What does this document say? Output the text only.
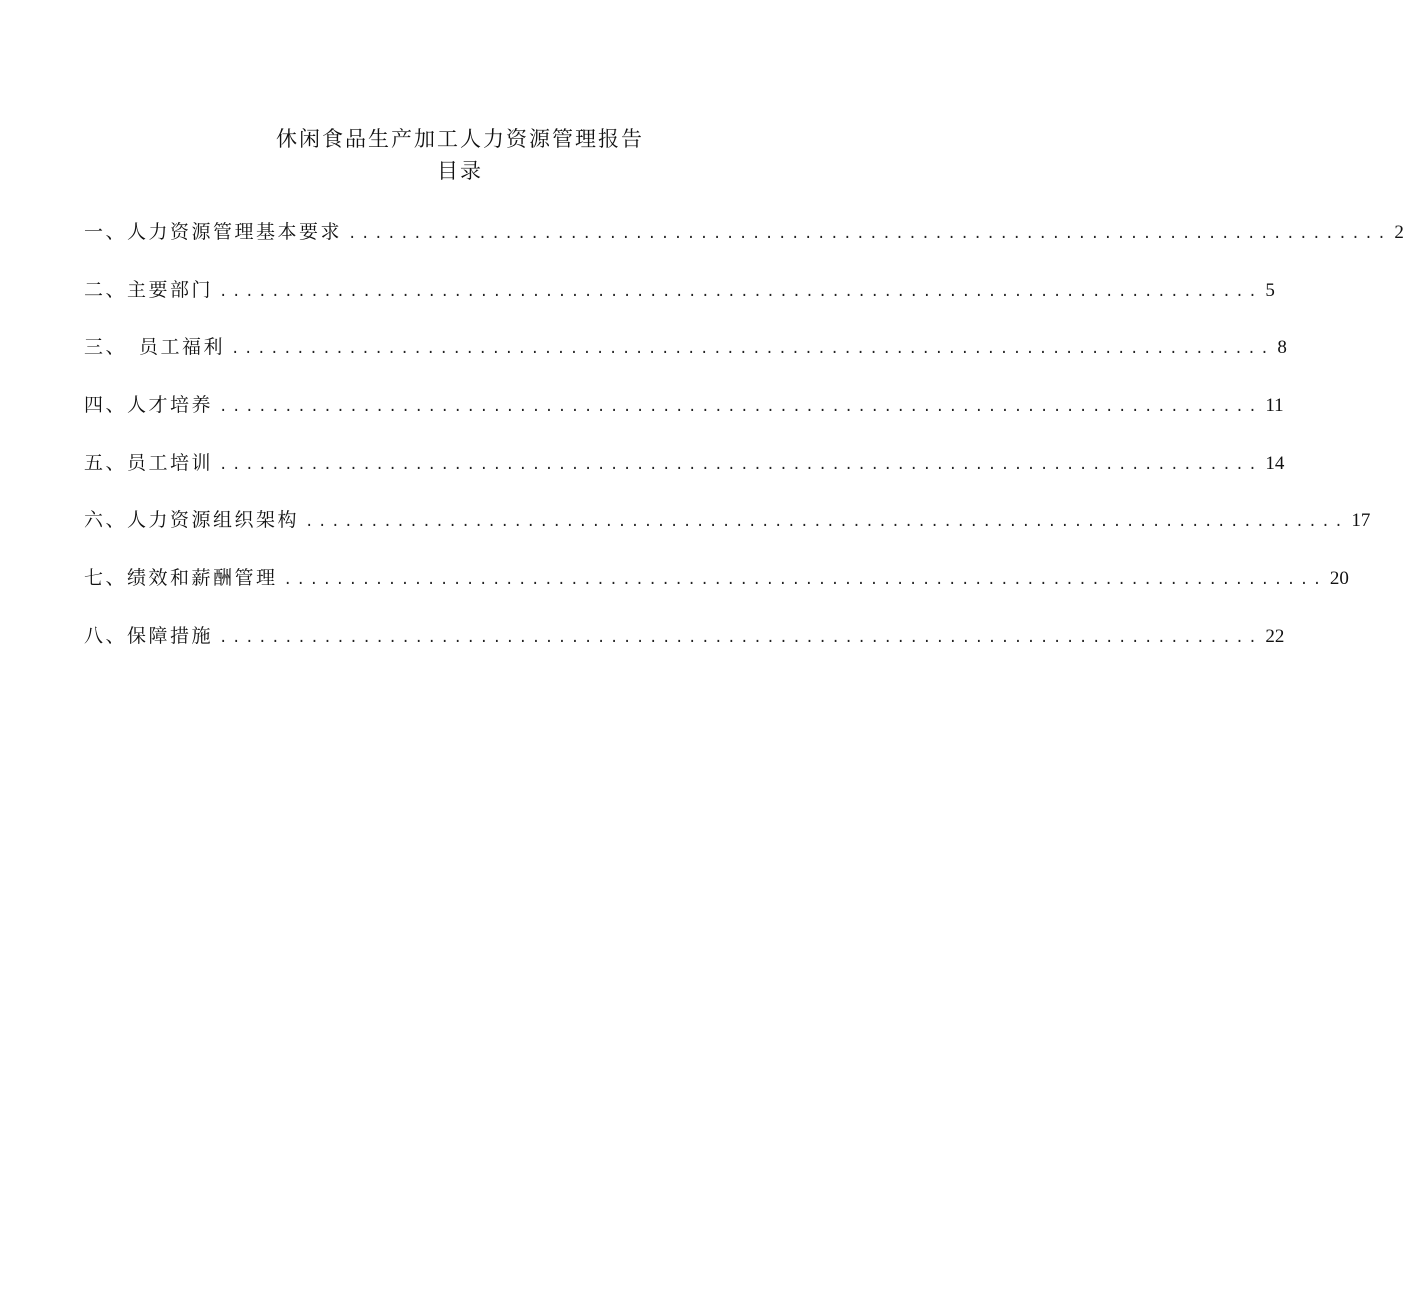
休闲食品生产加工人力资源管理报告
目录
一、人力资源管理基本要求 ................................................................................ 2
二、主要部门 ................................................................................ 5
三、　员工福利 ................................................................................ 8
四、人才培养 ................................................................................ 11
五、员工培训 ................................................................................ 14
六、人力资源组织架构 ................................................................................ 17
七、绩效和薪酬管理 ................................................................................ 20
八、保障措施 ................................................................................ 22
